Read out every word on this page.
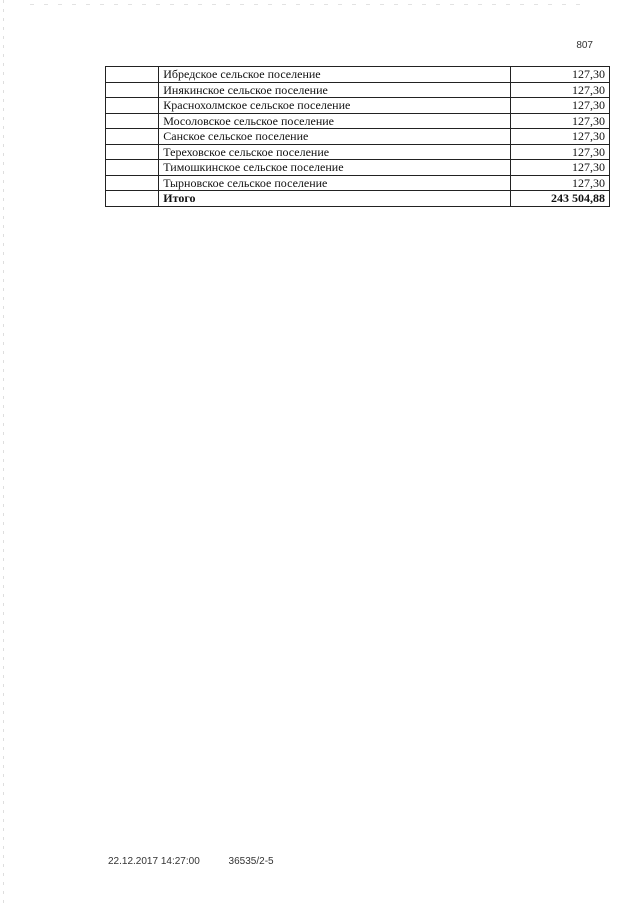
807
	Ибредское сельское поселение	127,30
	Инякинское сельское поселение	127,30
	Краснохолмское сельское поселение	127,30
	Мосоловское сельское поселение	127,30
	Санское сельское поселение	127,30
	Тереховское сельское поселение	127,30
	Тимошкинское сельское поселение	127,30
	Тырновское сельское поселение	127,30
	Итого	243 504,88
22.12.2017 14:27:00	36535/2-5
